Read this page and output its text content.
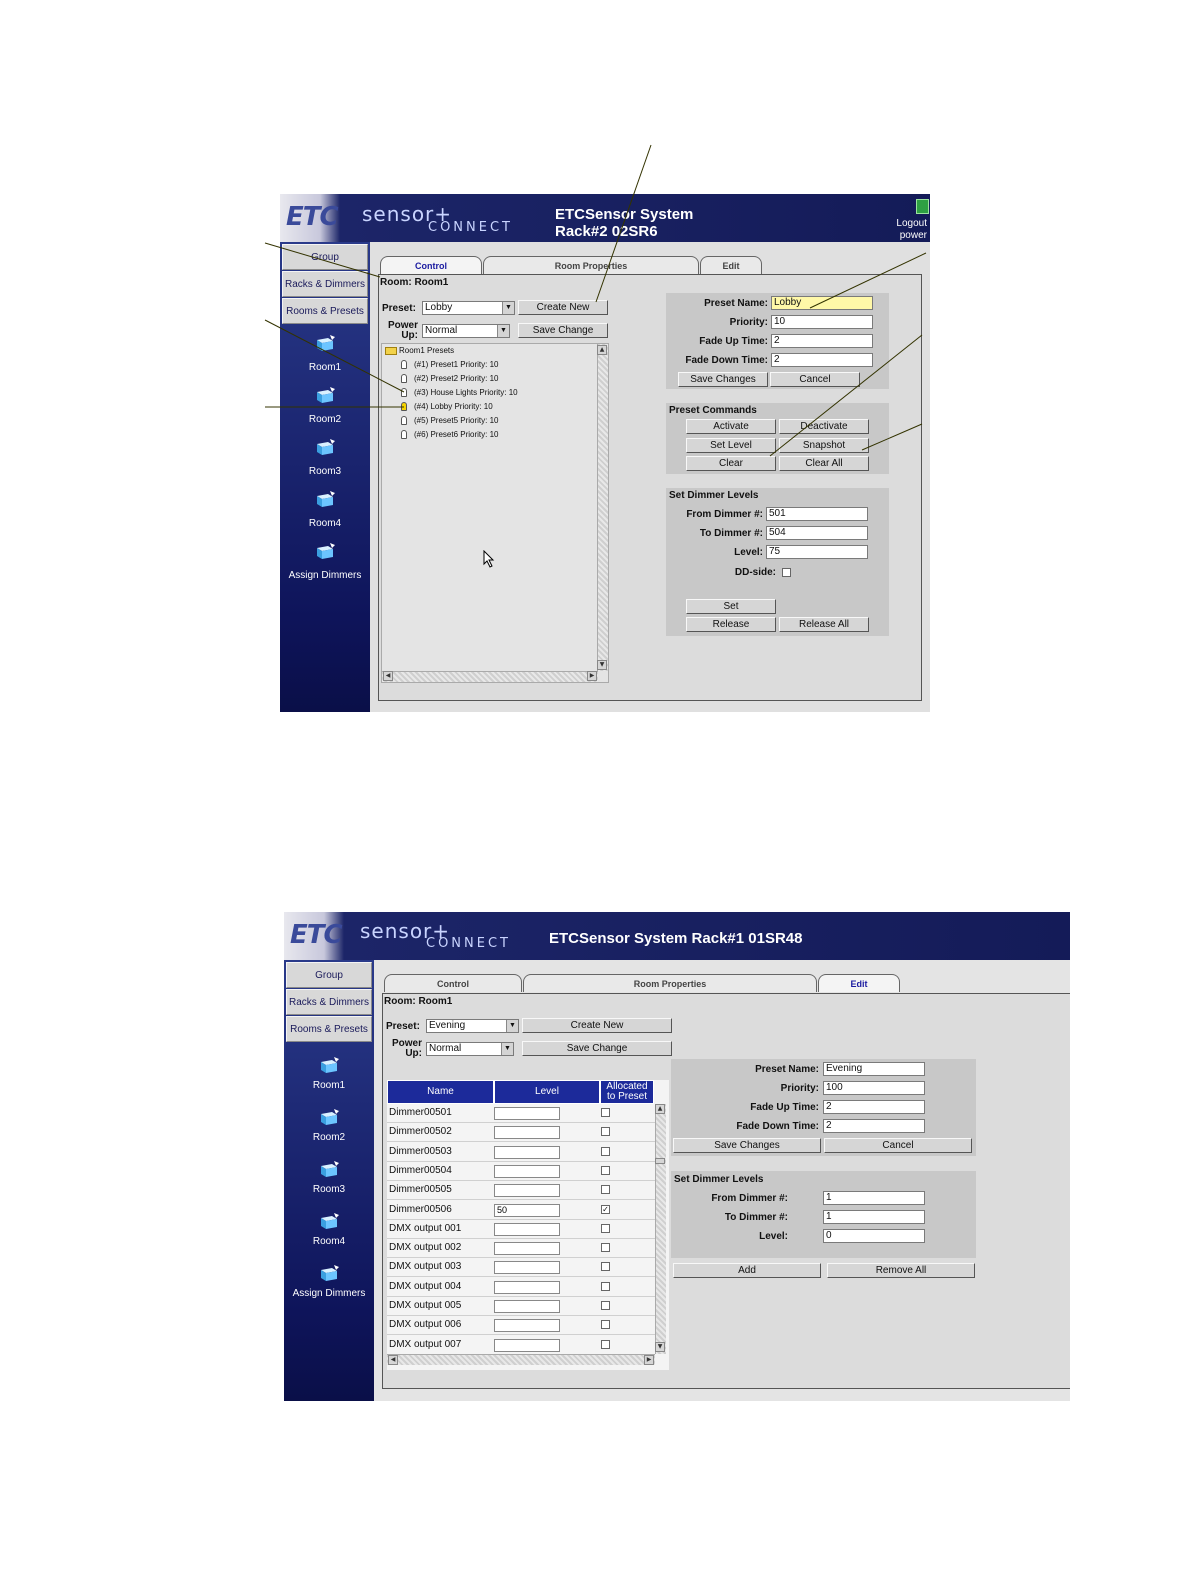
ETC sensor+
CONNECT
ETCSensor System
Rack#2 02SR6	Logout
power
Group
Racks & Dimmers
Rooms & Presets
Room1
Room2
Room3
Room4
Assign Dimmers
Control	Room Properties	Edit
Room: Room1
Preset: Lobby	▼	Create New
Power Up: Normal	▼	Save Change
Room1 Presets
(#1) Preset1 Priority: 10
(#2) Preset2 Priority: 10
(#3) House Lights Priority: 10
(#4) Lobby Priority: 10
(#5) Preset5 Priority: 10
(#6) Preset6 Priority: 10
▲
▼
◀	▶
Preset Name: Lobby
Priority: 10
Fade Up Time: 2
Fade Down Time: 2
Save Changes	Cancel
Preset Commands
Activate	Deactivate
Set Level	Snapshot
Clear	Clear All
Set Dimmer Levels
From Dimmer #: 501
To Dimmer #: 504
Level: 75
DD-side:
Set
Release	Release All
ETC sensor+
CONNECT	ETCSensor System Rack#1 01SR48
Group
Racks & Dimmers
Rooms & Presets
Room1
Room2
Room3
Room4
Assign Dimmers
Control	Room Properties	Edit
Room: Room1
Preset: Evening	▼	Create New
Power Up: Normal	▼	Save Change
Name	Level	Allocated to Preset
Dimmer00501
Dimmer00502
Dimmer00503
Dimmer00504
Dimmer00505
Dimmer00506	50	✓
DMX output 001
DMX output 002
DMX output 003
DMX output 004
DMX output 005
DMX output 006
DMX output 007
▲
▼
◀	▶
Preset Name: Evening
Priority: 100
Fade Up Time: 2
Fade Down Time: 2
Save Changes	Cancel
Set Dimmer Levels
From Dimmer #:	1
To Dimmer #:	1
Level:	0
Add	Remove All
